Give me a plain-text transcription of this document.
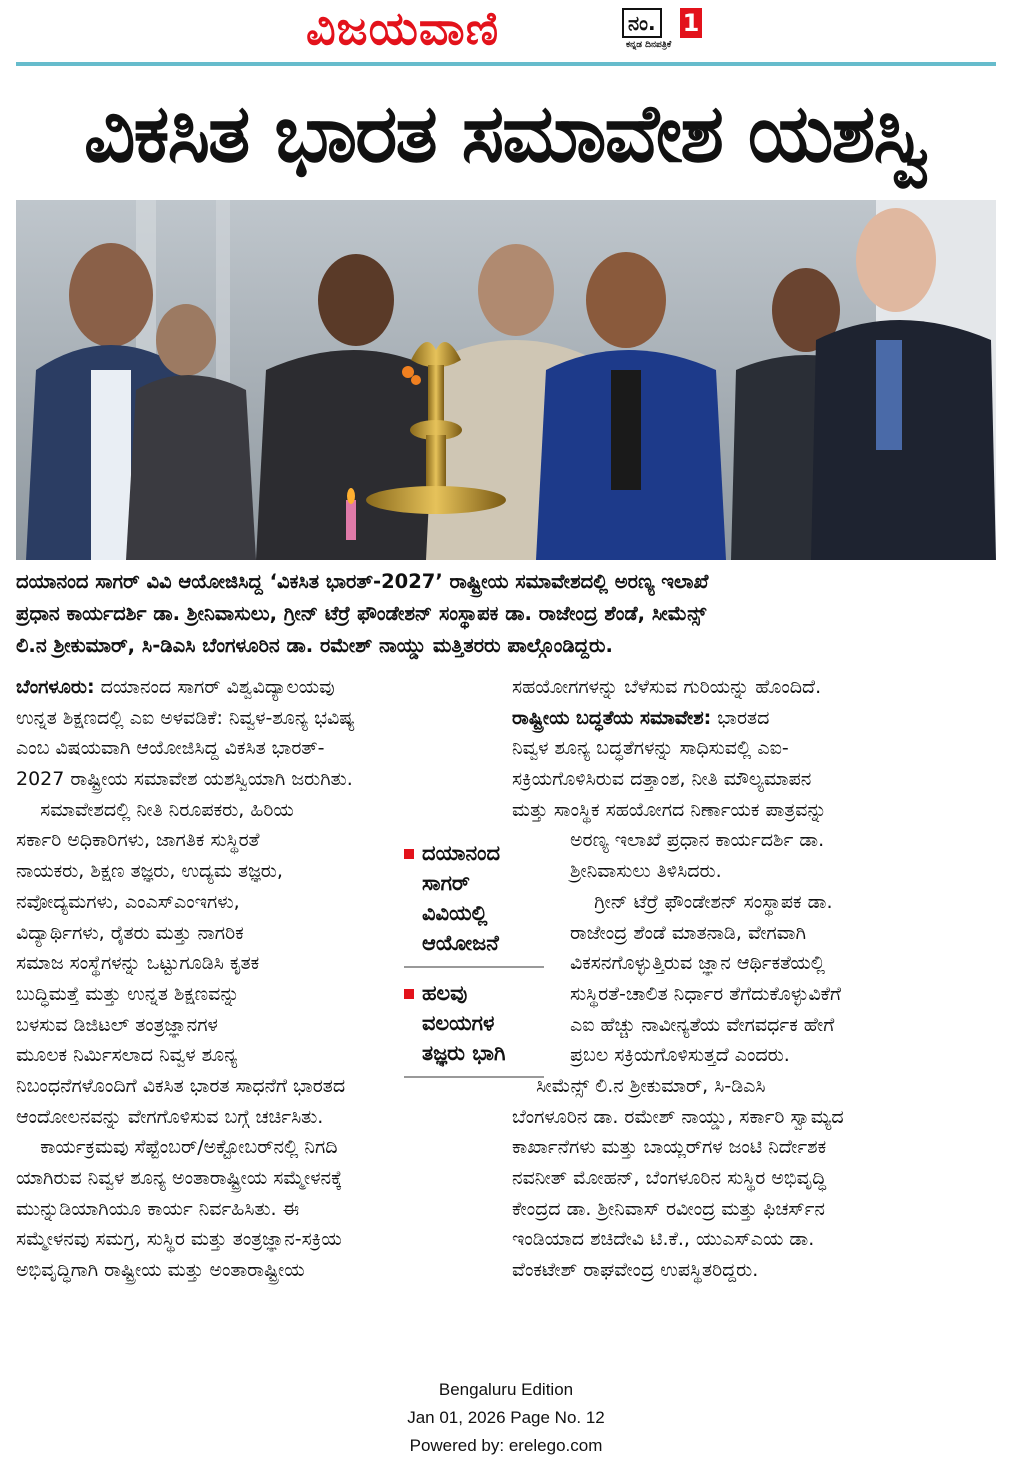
ವಿಜಯವಾಣಿ	ನಂ. 1
ಕನ್ನಡ ದಿನಪತ್ರಿಕೆ
ವಿಕಸಿತ ಭಾರತ ಸಮಾವೇಶ ಯಶಸ್ವಿ
ದಯಾನಂದ ಸಾಗರ್ ವಿವಿ ಆಯೋಜಿಸಿದ್ದ ‘ವಿಕಸಿತ ಭಾರತ್-2027’ ರಾಷ್ಟ್ರೀಯ ಸಮಾವೇಶದಲ್ಲಿ ಅರಣ್ಯ ಇಲಾಖೆ
ಪ್ರಧಾನ ಕಾರ್ಯದರ್ಶಿ ಡಾ. ಶ್ರೀನಿವಾಸುಲು, ಗ್ರೀನ್ ಟೆರ್ರೆ ಫೌಂಡೇಶನ್ ಸಂಸ್ಥಾಪಕ ಡಾ. ರಾಜೇಂದ್ರ ಶೆಂಡೆ, ಸೀಮೆನ್ಸ್
ಲಿ.ನ ಶ್ರೀಕುಮಾರ್, ಸಿ-ಡಿಎಸಿ ಬೆಂಗಳೂರಿನ ಡಾ. ರಮೇಶ್ ನಾಯ್ಡು ಮತ್ತಿತರರು ಪಾಲ್ಗೊಂಡಿದ್ದರು.
ಬೆಂಗಳೂರು: ದಯಾನಂದ ಸಾಗರ್ ವಿಶ್ವವಿದ್ಯಾಲಯವು
ಉನ್ನತ ಶಿಕ್ಷಣದಲ್ಲಿ ಎಐ ಅಳವಡಿಕೆ: ನಿವ್ವಳ-ಶೂನ್ಯ ಭವಿಷ್ಯ
ಎಂಬ ವಿಷಯವಾಗಿ ಆಯೋಜಿಸಿದ್ದ ವಿಕಸಿತ ಭಾರತ್-
2027 ರಾಷ್ಟ್ರೀಯ ಸಮಾವೇಶ ಯಶಸ್ವಿಯಾಗಿ ಜರುಗಿತು.
ಸಮಾವೇಶದಲ್ಲಿ ನೀತಿ ನಿರೂಪಕರು, ಹಿರಿಯ
ಸರ್ಕಾರಿ ಅಧಿಕಾರಿಗಳು, ಜಾಗತಿಕ ಸುಸ್ಥಿರತೆ
ನಾಯಕರು, ಶಿಕ್ಷಣ ತಜ್ಞರು, ಉದ್ಯಮ ತಜ್ಞರು,
ನವೋದ್ಯಮಗಳು, ಎಂಎಸ್ಎಂಇಗಳು,
ವಿದ್ಯಾರ್ಥಿಗಳು, ರೈತರು ಮತ್ತು ನಾಗರಿಕ
ಸಮಾಜ ಸಂಸ್ಥೆಗಳನ್ನು ಒಟ್ಟುಗೂಡಿಸಿ ಕೃತಕ
ಬುದ್ಧಿಮತ್ತೆ ಮತ್ತು ಉನ್ನತ ಶಿಕ್ಷಣವನ್ನು
ಬಳಸುವ ಡಿಜಿಟಲ್ ತಂತ್ರಜ್ಞಾನಗಳ
ಮೂಲಕ ನಿರ್ಮಿಸಲಾದ ನಿವ್ವಳ ಶೂನ್ಯ
ನಿಬಂಧನೆಗಳೊಂದಿಗೆ ವಿಕಸಿತ ಭಾರತ ಸಾಧನೆಗೆ ಭಾರತದ
ಆಂದೋಲನವನ್ನು ವೇಗಗೊಳಿಸುವ ಬಗ್ಗೆ ಚರ್ಚಿಸಿತು.
ಕಾರ್ಯಕ್ರಮವು ಸೆಪ್ಟೆಂಬರ್/ಅಕ್ಟೋಬರ್‌ನಲ್ಲಿ ನಿಗದಿ
ಯಾಗಿರುವ ನಿವ್ವಳ ಶೂನ್ಯ ಅಂತಾರಾಷ್ಟ್ರೀಯ ಸಮ್ಮೇಳನಕ್ಕೆ
ಮುನ್ನುಡಿಯಾಗಿಯೂ ಕಾರ್ಯ ನಿರ್ವಹಿಸಿತು. ಈ
ಸಮ್ಮೇಳನವು ಸಮಗ್ರ, ಸುಸ್ಥಿರ ಮತ್ತು ತಂತ್ರಜ್ಞಾನ-ಸಕ್ರಿಯ
ಅಭಿವೃದ್ಧಿಗಾಗಿ ರಾಷ್ಟ್ರೀಯ ಮತ್ತು ಅಂತಾರಾಷ್ಟ್ರೀಯ
ದಯಾನಂದ
ಸಾಗರ್
ವಿವಿಯಲ್ಲಿ
ಆಯೋಜನೆ
ಹಲವು
ವಲಯಗಳ
ತಜ್ಞರು ಭಾಗಿ
ಸಹಯೋಗಗಳನ್ನು ಬೆಳೆಸುವ ಗುರಿಯನ್ನು ಹೊಂದಿದೆ.
ರಾಷ್ಟ್ರೀಯ ಬದ್ಧತೆಯ ಸಮಾವೇಶ: ಭಾರತದ
ನಿವ್ವಳ ಶೂನ್ಯ ಬದ್ಧತೆಗಳನ್ನು ಸಾಧಿಸುವಲ್ಲಿ ಎಐ-
ಸಕ್ರಿಯಗೊಳಿಸಿರುವ ದತ್ತಾಂಶ, ನೀತಿ ಮೌಲ್ಯಮಾಪನ
ಮತ್ತು ಸಾಂಸ್ಥಿಕ ಸಹಯೋಗದ ನಿರ್ಣಾಯಕ ಪಾತ್ರವನ್ನು
ಅರಣ್ಯ ಇಲಾಖೆ ಪ್ರಧಾನ ಕಾರ್ಯದರ್ಶಿ ಡಾ.
ಶ್ರೀನಿವಾಸುಲು ತಿಳಿಸಿದರು.
ಗ್ರೀನ್ ಟೆರ್ರೆ ಫೌಂಡೇಶನ್ ಸಂಸ್ಥಾಪಕ ಡಾ.
ರಾಜೇಂದ್ರ ಶೆಂಡೆ ಮಾತನಾಡಿ, ವೇಗವಾಗಿ
ವಿಕಸನಗೊಳ್ಳುತ್ತಿರುವ ಜ್ಞಾನ ಆರ್ಥಿಕತೆಯಲ್ಲಿ
ಸುಸ್ಥಿರತೆ-ಚಾಲಿತ ನಿರ್ಧಾರ ತೆಗೆದುಕೊಳ್ಳುವಿಕೆಗೆ
ಎಐ ಹೆಚ್ಚು ನಾವೀನ್ಯತೆಯ ವೇಗವರ್ಧಕ ಹೇಗೆ
ಪ್ರಬಲ ಸಕ್ರಿಯಗೊಳಿಸುತ್ತದೆ ಎಂದರು.
ಸೀಮೆನ್ಸ್ ಲಿ.ನ ಶ್ರೀಕುಮಾರ್, ಸಿ-ಡಿಎಸಿ
ಬೆಂಗಳೂರಿನ ಡಾ. ರಮೇಶ್ ನಾಯ್ಡು, ಸರ್ಕಾರಿ ಸ್ವಾಮ್ಯದ
ಕಾರ್ಖಾನೆಗಳು ಮತ್ತು ಬಾಯ್ಲರ್‌ಗಳ ಜಂಟಿ ನಿರ್ದೇಶಕ
ನವನೀತ್ ಮೋಹನ್, ಬೆಂಗಳೂರಿನ ಸುಸ್ಥಿರ ಅಭಿವೃದ್ಧಿ
ಕೇಂದ್ರದ ಡಾ. ಶ್ರೀನಿವಾಸ್ ರವೀಂದ್ರ ಮತ್ತು ಫಿಚರ್ಸ್‌ನ
ಇಂಡಿಯಾದ ಶಚಿದೇವಿ ಟಿ.ಕೆ., ಯುಎಸ್ಎಯ ಡಾ.
ವೆಂಕಟೇಶ್ ರಾಘವೇಂದ್ರ ಉಪಸ್ಥಿತರಿದ್ದರು.
Bengaluru Edition
Jan 01, 2026 Page No. 12
Powered by: erelego.com
